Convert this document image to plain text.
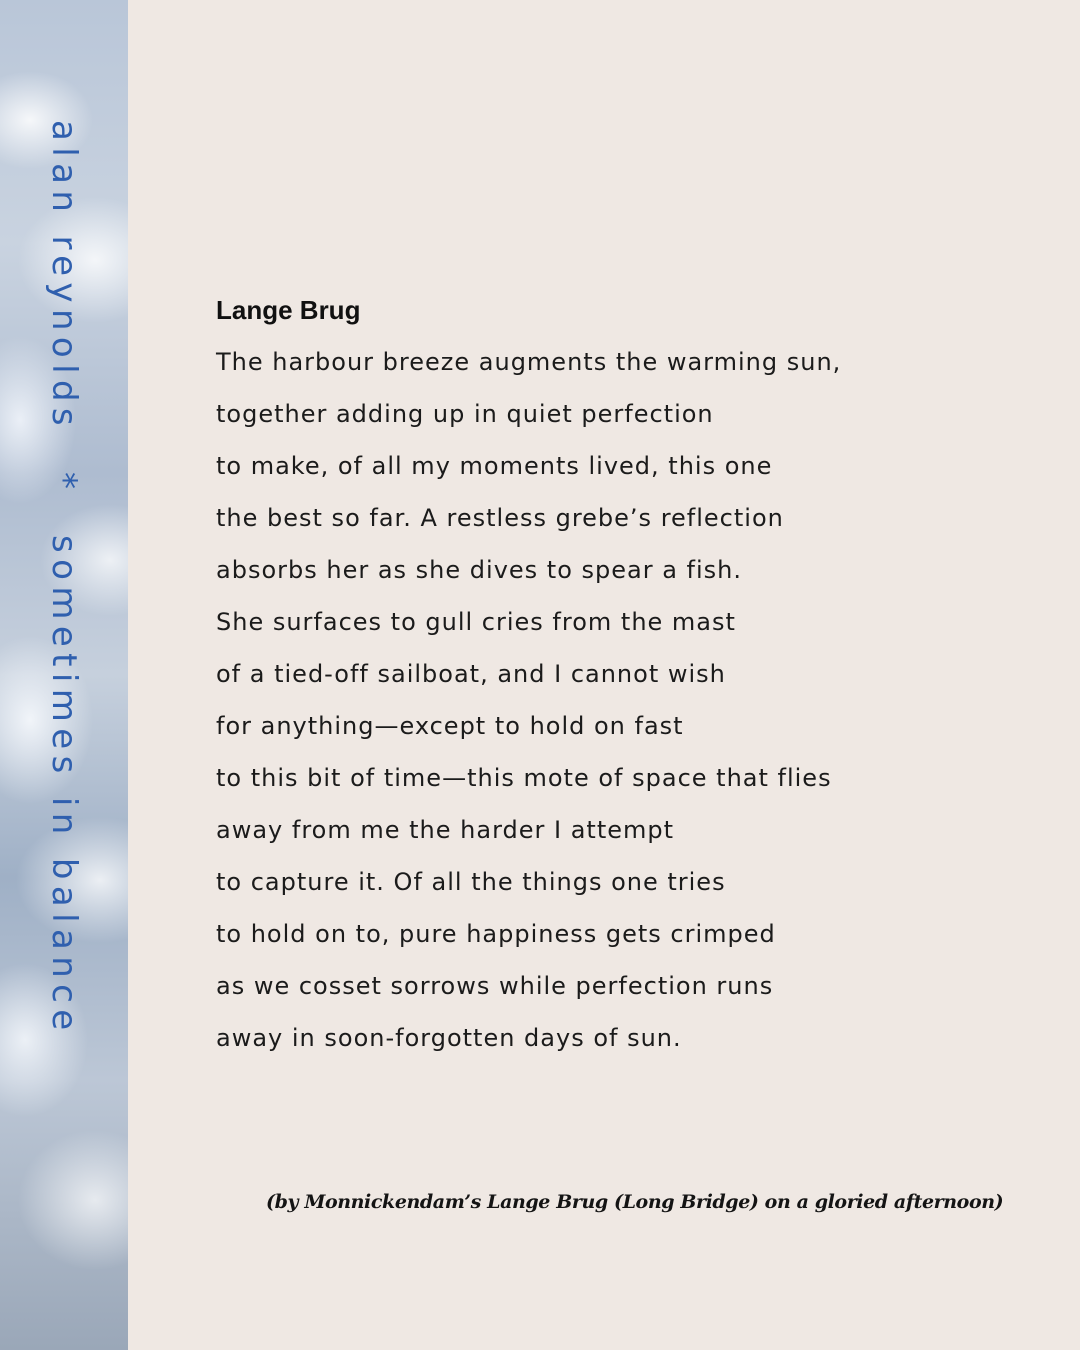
alan reynolds
*
sometimes in balance
Lange Brug
The harbour breeze augments the warming sun,
together adding up in quiet perfection
to make, of all my moments lived, this one
the best so far. A restless grebe’s reflection
absorbs her as she dives to spear a fish.
She surfaces to gull cries from the mast
of a tied-off sailboat, and I cannot wish
for anything—except to hold on fast
to this bit of time—this mote of space that flies
away from me the harder I attempt
to capture it. Of all the things one tries
to hold on to, pure happiness gets crimped
as we cosset sorrows while perfection runs
away in soon-forgotten days of sun.
(by Monnickendam’s Lange Brug (Long Bridge) on a gloried afternoon)
